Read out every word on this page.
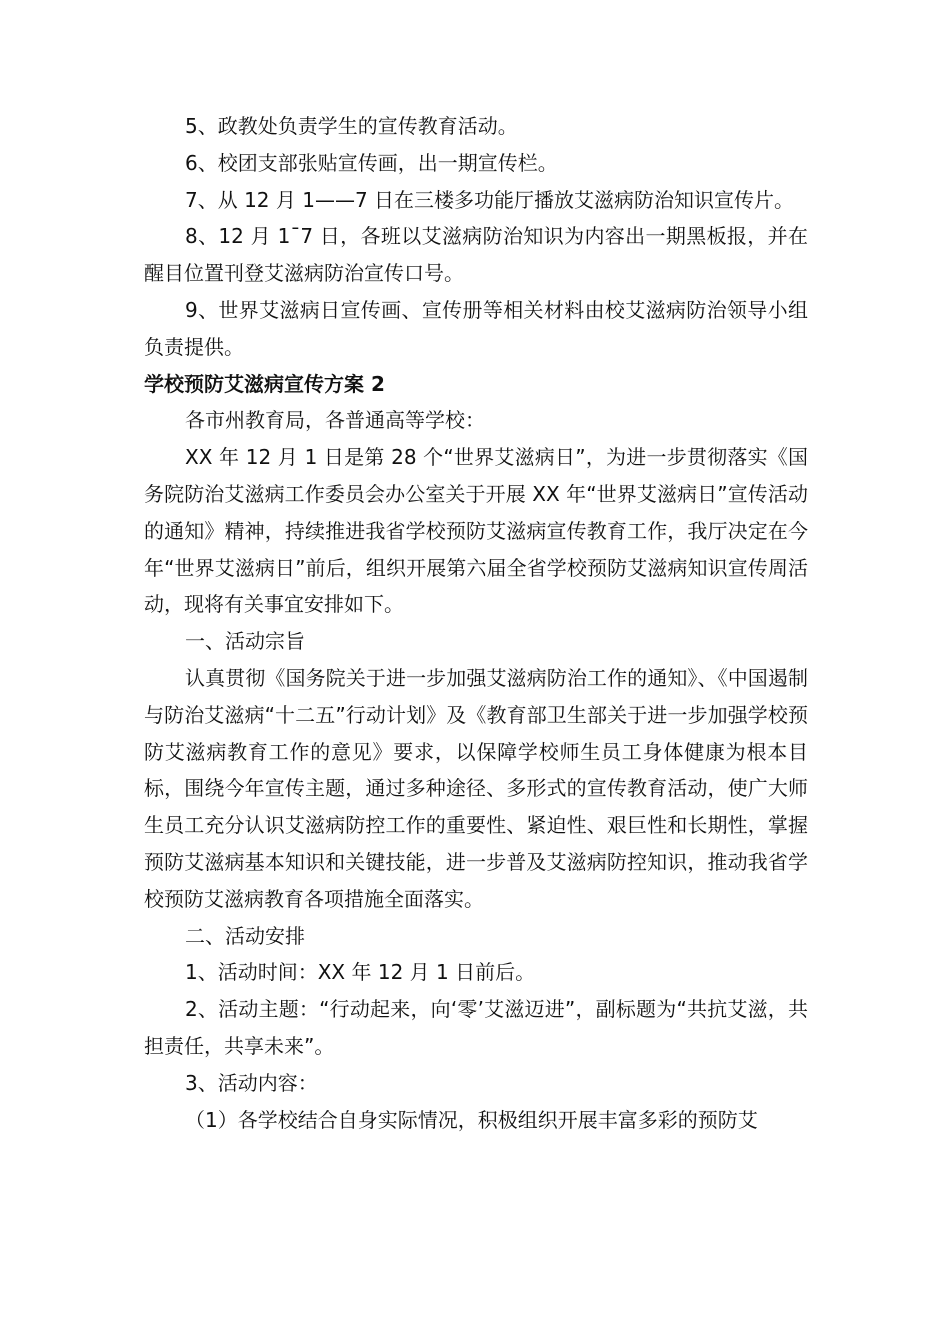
5、政教处负责学生的宣传教育活动。

6、校团支部张贴宣传画，出一期宣传栏。

7、从 12 月 1——7 日在三楼多功能厅播放艾滋病防治知识宣传片。

8、12 月 1¯7 日，各班以艾滋病防治知识为内容出一期黑板报，并在醒目位置刊登艾滋病防治宣传口号。

9、世界艾滋病日宣传画、宣传册等相关材料由校艾滋病防治领导小组负责提供。

学校预防艾滋病宣传方案 2

各市州教育局，各普通高等学校：

XX 年 12 月 1 日是第 28 个“世界艾滋病日”，为进一步贯彻落实《国务院防治艾滋病工作委员会办公室关于开展 XX 年“世界艾滋病日”宣传活动的通知》精神，持续推进我省学校预防艾滋病宣传教育工作，我厅决定在今年“世界艾滋病日”前后，组织开展第六届全省学校预防艾滋病知识宣传周活动，现将有关事宜安排如下。

一、活动宗旨

认真贯彻《国务院关于进一步加强艾滋病防治工作的通知》、《中国遏制与防治艾滋病“十二五”行动计划》及《教育部卫生部关于进一步加强学校预防艾滋病教育工作的意见》要求，以保障学校师生员工身体健康为根本目标，围绕今年宣传主题，通过多种途径、多形式的宣传教育活动，使广大师生员工充分认识艾滋病防控工作的重要性、紧迫性、艰巨性和长期性，掌握预防艾滋病基本知识和关键技能，进一步普及艾滋病防控知识，推动我省学校预防艾滋病教育各项措施全面落实。

二、活动安排

1、活动时间：XX 年 12 月 1 日前后。

2、活动主题：“行动起来，向‘零’艾滋迈进”，副标题为“共抗艾滋，共担责任，共享未来”。

3、活动内容：

（1）各学校结合自身实际情况，积极组织开展丰富多彩的预防艾
